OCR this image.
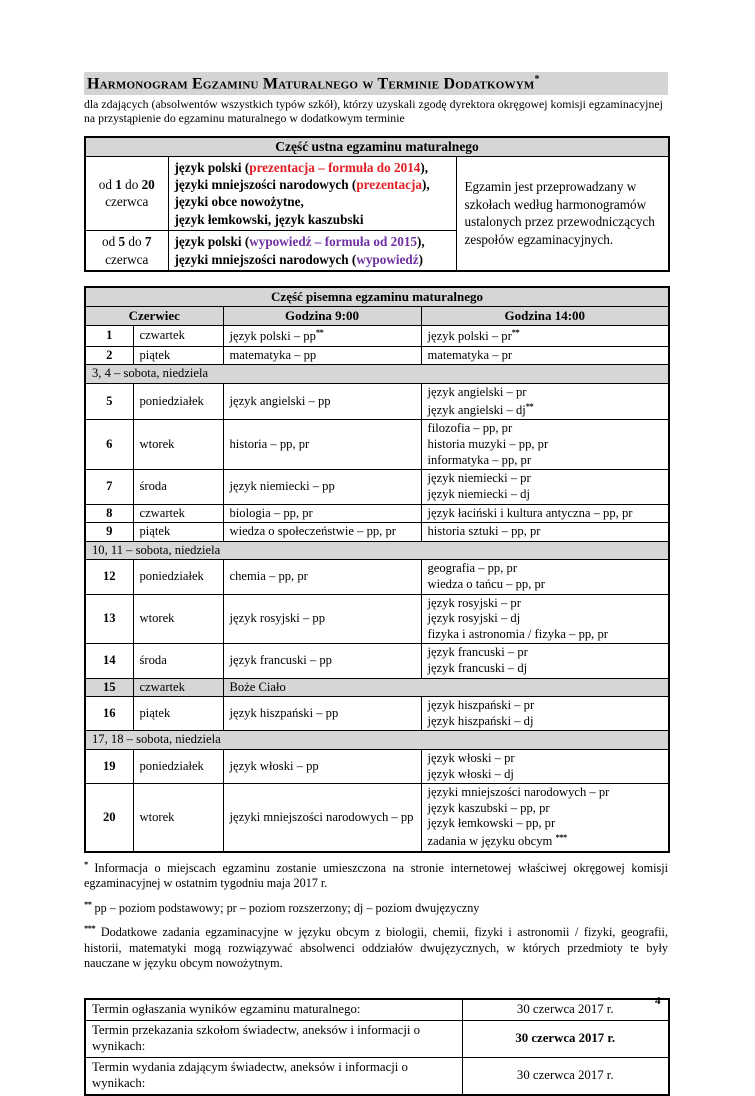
Harmonogram Egzaminu Maturalnego w Terminie Dodatkowym*

dla zdających (absolwentów wszystkich typów szkół), którzy uzyskali zgodę dyrektora okręgowej komisji egzaminacyjnej na przystąpienie do egzaminu maturalnego w dodatkowym terminie

Część ustna egzaminu maturalnego		

od 1 do 20
czerwca

język polski (prezentacja – formuła do 2014),
języki mniejszości narodowych (prezentacja),
języki obce nowożytne,
język łemkowski, język kaszubski
	Egzamin jest przeprowadzany w szkołach według harmonogramów ustalonych przez przewodniczących zespołów egzaminacyjnych.

od 5 do 7
czerwca

język polski (wypowiedź – formuła od 2015),
języki mniejszości narodowych (wypowiedź)
Część pisemna egzaminu maturalnego			
Czerwiec		Godzina 9:00	Godzina 14:00
1	czwartek	język polski – pp**	język polski – pr**

2	piątek	matematyka – pp	matematyka – pr

3, 4 – sobota, niedziela			
5	poniedziałek	język angielski – pp	język angielski – pr
język angielski – dj**

6	wtorek	historia – pp, pr	filozofia – pp, pr
historia muzyki – pp, pr
informatyka – pp, pr

7	środa	język niemiecki – pp	język niemiecki – pr
język niemiecki – dj

8	czwartek	biologia – pp, pr	język łaciński i kultura antyczna – pp, pr

9	piątek	wiedza o społeczeństwie – pp, pr	historia sztuki – pp, pr

10, 11 – sobota, niedziela			
12	poniedziałek	chemia – pp, pr	geografia – pp, pr
wiedza o tańcu – pp, pr

13	wtorek	język rosyjski – pp	język rosyjski – pr
język rosyjski – dj
fizyka i astronomia / fizyka – pp, pr

14	środa	język francuski – pp	język francuski – pr
język francuski – dj

15	czwartek	Boże Ciało	
16	piątek	język hiszpański – pp	język hiszpański – pr
język hiszpański – dj

17, 18 – sobota, niedziela			
19	poniedziałek	język włoski – pp	język włoski – pr
język włoski – dj

20	wtorek	języki mniejszości narodowych – pp	języki mniejszości narodowych – pr
język kaszubski – pp, pr
język łemkowski – pp, pr
zadania w języku obcym ***

* Informacja o miejscach egzaminu zostanie umieszczona na stronie internetowej właściwej okręgowej komisji egzaminacyjnej w ostatnim tygodniu maja 2017 r.

** pp – poziom podstawowy; pr – poziom rozszerzony; dj – poziom dwujęzyczny

*** Dodatkowe zadania egzaminacyjne w języku obcym z biologii, chemii, fizyki i astronomii / fizyki, geografii, historii, matematyki mogą rozwiązywać absolwenci oddziałów dwujęzycznych, w których przedmioty te były nauczane w języku obcym nowożytnym.

Termin ogłaszania wyników egzaminu maturalnego:	30 czerwca 2017 r.
Termin przekazania szkołom świadectw, aneksów i informacji o wynikach:	30 czerwca 2017 r.
Termin wydania zdającym świadectw, aneksów i informacji o wynikach:	30 czerwca 2017 r.
4
